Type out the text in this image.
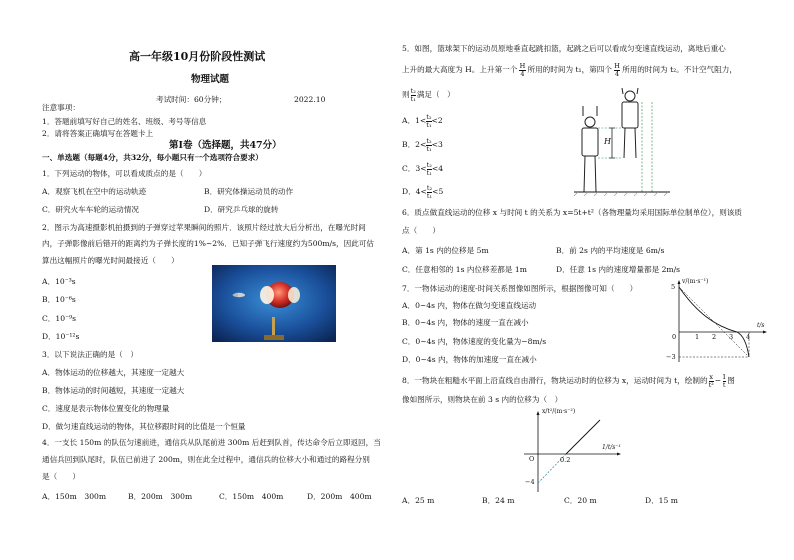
高一年级10月份阶段性测试
物理试题
考试时间：60分钟；	2022.10
注意事项：
1．答题前填写好自己的姓名、班级、考号等信息
2．请将答案正确填写在答题卡上
第Ⅰ卷（选择题，共47分）
一、单选题（每题4分，共32分，每小题只有一个选项符合要求）
1．下列运动的物体，可以看成质点的是（　　）
A．观察飞机在空中的运动轨迹	B．研究体操运动员的动作
C．研究火车车轮的运动情况	D．研究乒乓球的旋转
2．图示为高速摄影机拍摄到的子弹穿过苹果瞬间的照片．该照片经过放大后分析出，在曝光时间
内，子弹影像前后错开的距离约为子弹长度的1%~2%．已知子弹飞行速度约为500m/s，因此可估
算出这幅照片的曝光时间最接近（　　）
A．10⁻³s
B．10⁻⁶s
C．10⁻⁹s
D．10⁻¹²s
3．以下说法正确的是（　）
A．物体运动的位移越大，其速度一定越大
B．物体运动的时间越短，其速度一定越大
C．速度是表示物体位置变化的物理量
D．做匀速直线运动的物体，其位移跟时间的比值是一个恒量
4．一支长 150m 的队伍匀速前进，通信兵从队尾前进 300m 后赶到队首，传达命令后立即返回，当
通信兵回到队尾时，队伍已前进了 200m，则在此全过程中，通信兵的位移大小和通过的路程分别
是（　　）
A．150m　300m	B．200m　300m	C．150m　400m	D．200m　400m
5．如图，篮球架下的运动员原地垂直起跳扣篮，起跳之后可以看成匀变速直线运动，离地后重心
上升的最大高度为 H。上升第一个 $\frac{H}{4}$ 所用的时间为 t₁，第四个 $\frac{H}{4}$ 所用的时间为 t₂。不计空气阻力，
则 $\frac{\text{t₂}}{\text{t₁}}$ 满足（　）
A．$1< \frac{\text{t₂}}{\text{t₁}} <2$
B．$2< \frac{\text{t₂}}{\text{t₁}} <3$
C．$3< \frac{\text{t₂}}{\text{t₁}} <4$
D．$4< \frac{\text{t₂}}{\text{t₁}} <5$
H
6．质点做直线运动的位移 x 与时间 t 的关系为 x=5t+t²（各物理量均采用国际单位制单位），则该质
点（　　）
A．第 1s 内的位移是 5m	B．前 2s 内的平均速度是 6m/s
C．任意相邻的 1s 内位移差都是 1m	D．任意 1s 内的速度增量都是 2m/s
7．一物体运动的速度-时间关系图像如图所示，根据图像可知（　　）
A．0~4s 内，物体在做匀变速直线运动
B．0~4s 内，物体的速度一直在减小
C．0~4s 内，物体速度的变化量为−8m/s
D．0~4s 内，物体的加速度一直在减小
v/(m·s⁻¹)
5
−3
0	1 2 3 4
t/s
8．一物块在粗糙水平面上沿直线自由滑行，物块运动时的位移为 x，运动时间为 t，绘制的 $\frac{x}{\text{t²}} - \frac{1}{t}$ 图
像如图所示，则物块在前 3 s 内的位移为（　）
x/t²/(m·s⁻²)
O
−4
0.2
1/t/s⁻¹
A．25 m	B．24 m	C．20 m	D．15 m
